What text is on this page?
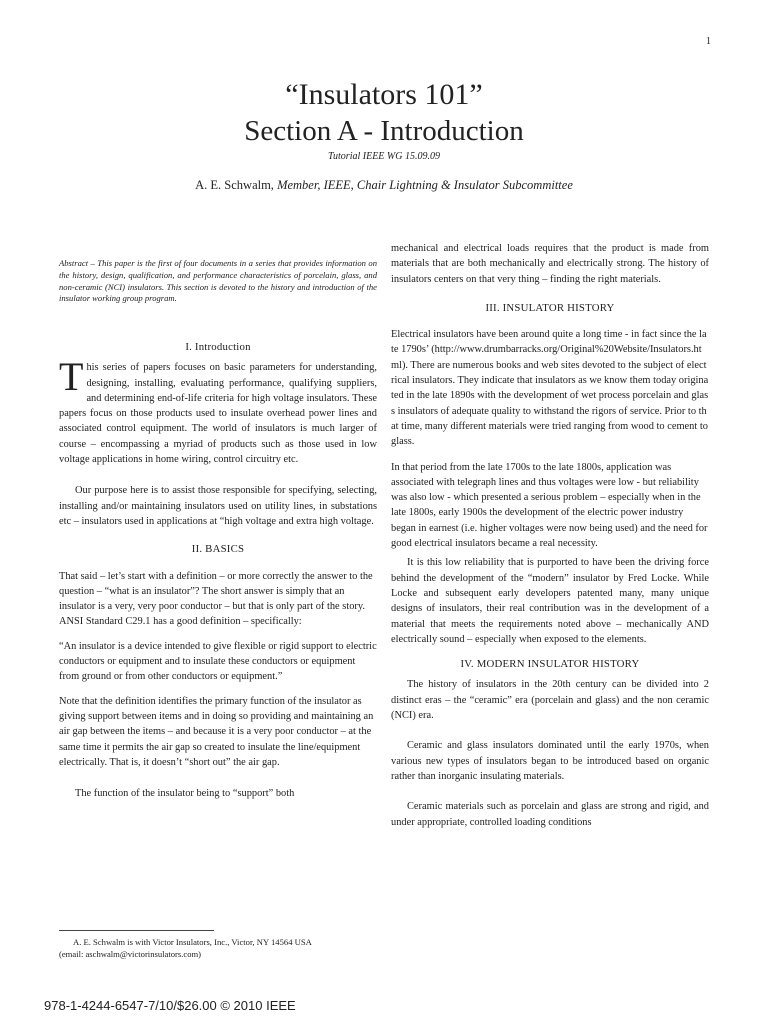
1
“Insulators 101”
Section A - Introduction
Tutorial IEEE WG 15.09.09
A. E. Schwalm, Member, IEEE, Chair Lightning & Insulator Subcommittee
Abstract – This paper is the first of four documents in a series that provides information on the history, design, qualification, and performance characteristics of porcelain, glass, and non-ceramic (NCI) insulators. This section is devoted to the history and introduction of the insulator working group program.
I. Introduction

This series of papers focuses on basic parameters for understanding, designing, installing, evaluating performance, qualifying suppliers, and determining end-of-life criteria for high voltage insulators. These papers focus on those products used to insulate overhead power lines and associated control equipment. The world of insulators is much larger of course – encompassing a myriad of products such as those used in low voltage applications in home wiring, control circuitry etc.

Our purpose here is to assist those responsible for specifying, selecting, installing and/or maintaining insulators used on utility lines, in substations etc – insulators used in applications at “high voltage and extra high voltage.

II. BASICS

That said – let’s start with a definition – or more correctly the answer to the question – “what is an insulator”? The short answer is simply that an insulator is a very, very poor conductor – but that is only part of the story. ANSI Standard C29.1 has a good definition – specifically:

“An insulator is a device intended to give flexible or rigid support to electric conductors or equipment and to insulate these conductors or equipment from ground or from other conductors or equipment.”

Note that the definition identifies the primary function of the insulator as giving support between items and in doing so providing and maintaining an air gap between the items – and because it is a very poor conductor – at the same time it permits the air gap so created to insulate the line/equipment electrically. That is, it doesn’t “short out” the air gap.

The function of the insulator being to “support” both

A. E. Schwalm is with Victor Insulators, Inc., Victor, NY 14564 USA
(email: aschwalm@victorinsulators.com)

mechanical and electrical loads requires that the product is made from materials that are both mechanically and electrically strong. The history of insulators centers on that very thing – finding the right materials.

III. INSULATOR HISTORY

Electrical insulators have been around quite a long time - in fact since the late 1790s’ (http://www.drumbarracks.org/Original%20Website/Insulators.html). There are numerous books and web sites devoted to the subject of electrical insulators. They indicate that insulators as we know them today originated in the late 1890s with the development of wet process porcelain and glass insulators of adequate quality to withstand the rigors of service. Prior to that time, many different materials were tried ranging from wood to cement to glass.

In that period from the late 1700s to the late 1800s, application was associated with telegraph lines and thus voltages were low - but reliability was also low - which presented a serious problem – especially when in the late 1800s, early 1900s the development of the electric power industry began in earnest (i.e. higher voltages were now being used) and the need for good electrical insulators became a real necessity.

It is this low reliability that is purported to have been the driving force behind the development of the “modern” insulator by Fred Locke. While Locke and subsequent early developers patented many, many unique designs of insulators, their real contribution was in the development of a material that meets the requirements noted above – mechanically AND electrically sound – especially when exposed to the elements.

IV. MODERN INSULATOR HISTORY

The history of insulators in the 20th century can be divided into 2 distinct eras – the “ceramic” era (porcelain and glass) and the non ceramic (NCI) era.

Ceramic and glass insulators dominated until the early 1970s, when various new types of insulators began to be introduced based on organic rather than inorganic insulating materials.

Ceramic materials such as porcelain and glass are strong and rigid, and under appropriate, controlled loading conditions

978-1-4244-6547-7/10/$26.00 © 2010 IEEE
